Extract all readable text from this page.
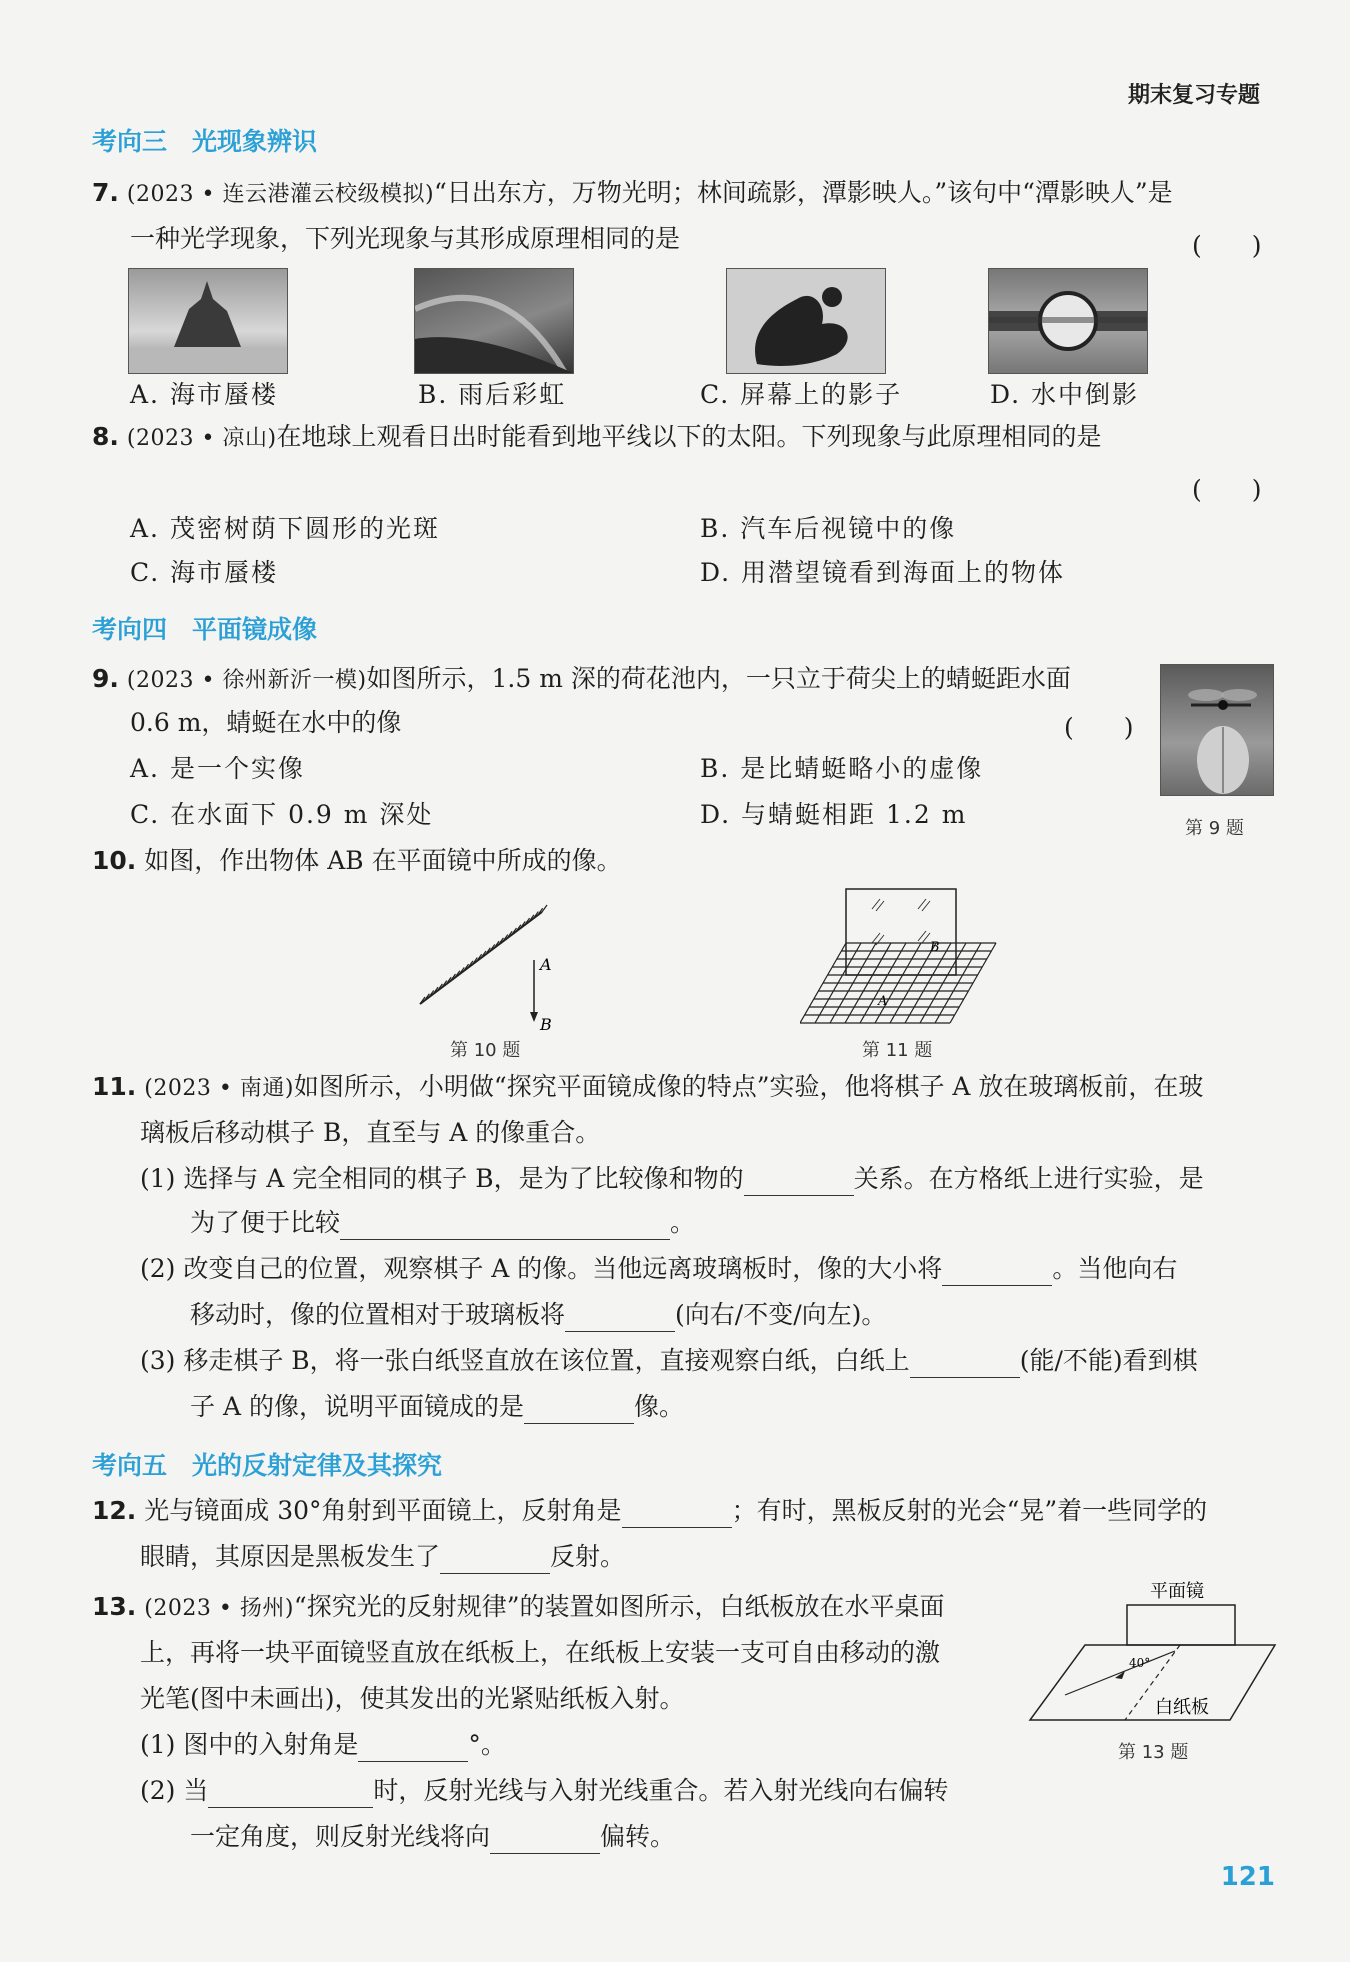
期末复习专题
考向三　光现象辨识
7. (2023 • 连云港灌云校级模拟)“日出东方，万物光明；林间疏影，潭影映人。”该句中“潭影映人”是
一种光学现象，下列光现象与其形成原理相同的是	(　　)
A. 海市蜃楼	B. 雨后彩虹	C. 屏幕上的影子	D. 水中倒影
8. (2023 • 凉山)在地球上观看日出时能看到地平线以下的太阳。下列现象与此原理相同的是
(　　)
A. 茂密树荫下圆形的光斑	B. 汽车后视镜中的像
C. 海市蜃楼	D. 用潜望镜看到海面上的物体
考向四　平面镜成像
9. (2023 • 徐州新沂一模)如图所示，1.5 m 深的荷花池内，一只立于荷尖上的蜻蜓距水面
0.6 m，蜻蜓在水中的像	(　　)
A. 是一个实像	B. 是比蜻蜓略小的虚像
C. 在水面下 0.9 m 深处	D. 与蜻蜓相距 1.2 m	第 9 题
10. 如图，作出物体 AB 在平面镜中所成的像。
A
B
第 10 题
B
A
第 11 题
11. (2023 • 南通)如图所示，小明做“探究平面镜成像的特点”实验，他将棋子 A 放在玻璃板前，在玻
璃板后移动棋子 B，直至与 A 的像重合。
(1) 选择与 A 完全相同的棋子 B，是为了比较像和物的	关系。在方格纸上进行实验，是
为了便于比较	。
(2) 改变自己的位置，观察棋子 A 的像。当他远离玻璃板时，像的大小将	。当他向右
移动时，像的位置相对于玻璃板将	(向右/不变/向左)。
(3) 移走棋子 B，将一张白纸竖直放在该位置，直接观察白纸，白纸上	(能/不能)看到棋
子 A 的像，说明平面镜成的是	像。
考向五　光的反射定律及其探究
12. 光与镜面成 30°角射到平面镜上，反射角是	；有时，黑板反射的光会“晃”着一些同学的
眼睛，其原因是黑板发生了	反射。
13. (2023 • 扬州)“探究光的反射规律”的装置如图所示，白纸板放在水平桌面
上，再将一块平面镜竖直放在纸板上，在纸板上安装一支可自由移动的激
光笔(图中未画出)，使其发出的光紧贴纸板入射。
(1) 图中的入射角是	°。
(2) 当	时，反射光线与入射光线重合。若入射光线向右偏转
一定角度，则反射光线将向	偏转。
平面镜
40°
白纸板
第 13 题
121
